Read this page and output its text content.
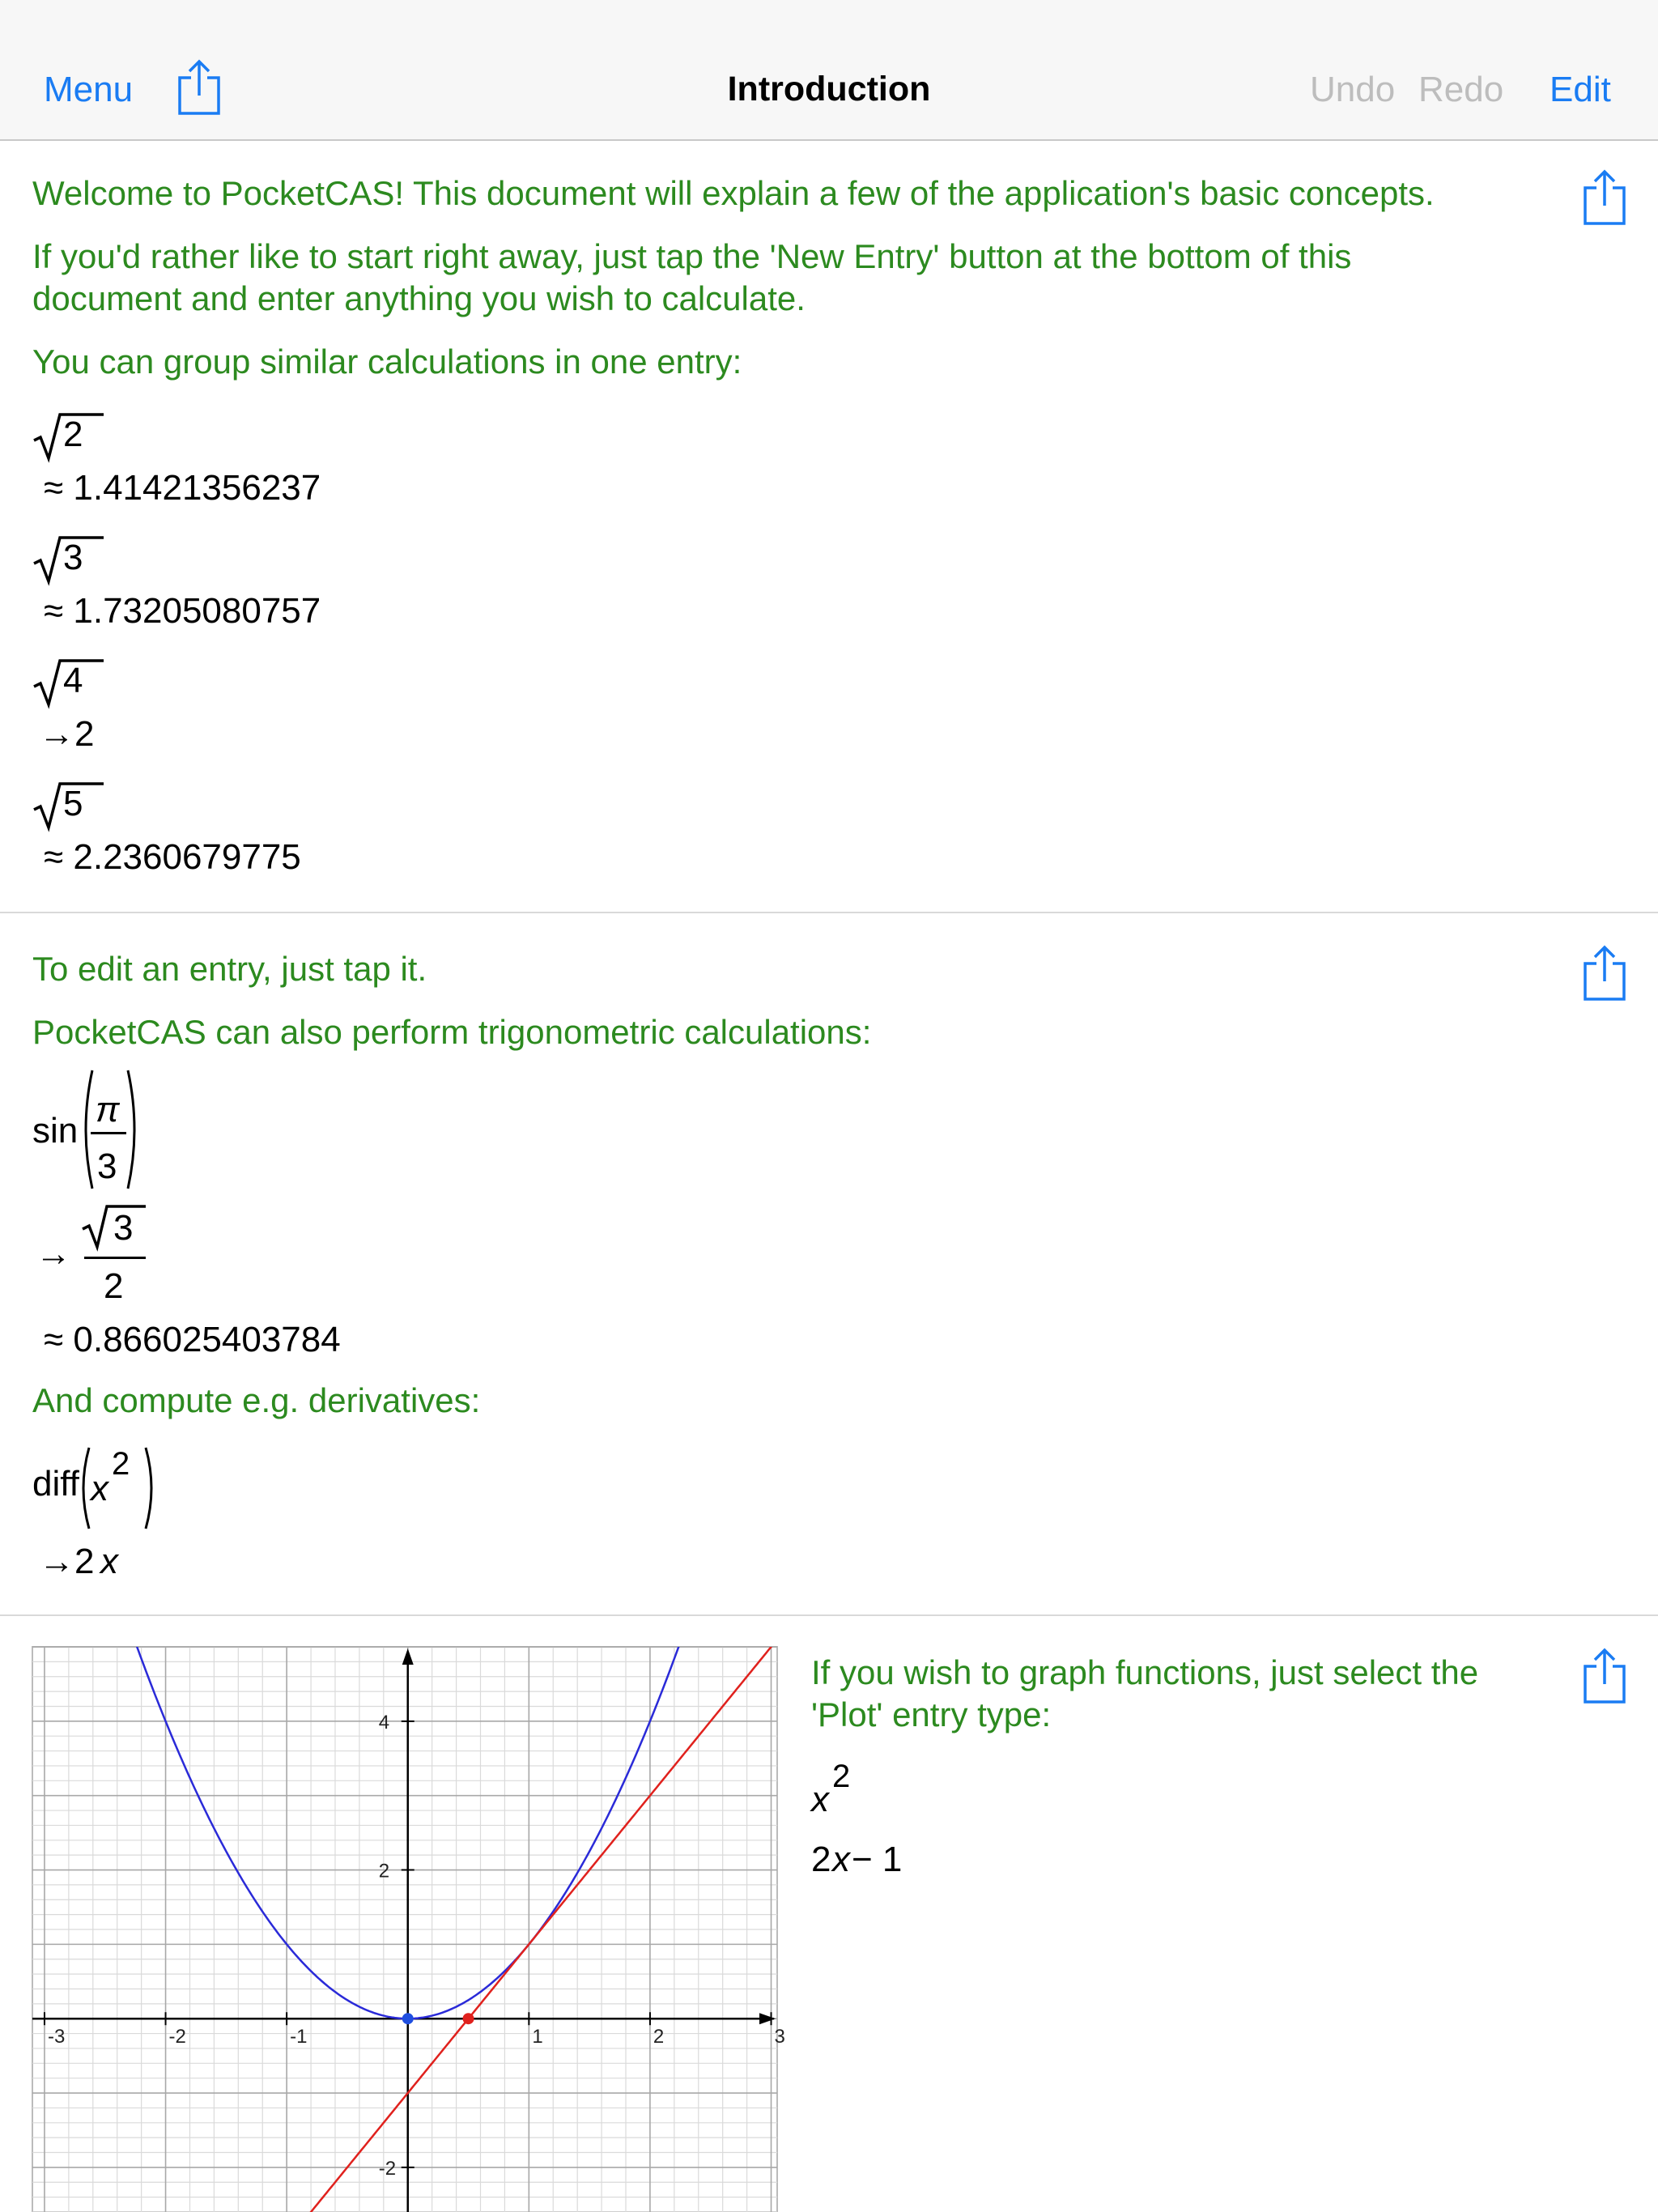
Menu	Introduction	Undo Redo Edit
Welcome to PocketCAS! This document will explain a few of the application's basic concepts.
If you'd rather like to start right away, just tap the 'New Entry' button at the bottom of this
document and enter anything you wish to calculate.
You can group similar calculations in one entry:
2
≈ 1.41421356237
3
≈ 1.73205080757
4
→2
5
≈ 2.2360679775
To edit an entry, just tap it.
PocketCAS can also perform trigonometric calculations:
sin
π
3
→
3
2
≈ 0.866025403784
And compute e.g. derivatives:
diff x
2
→2 x
-3	-2	-1	1	2	3
4
2
-2
If you wish to graph functions, just select the
'Plot' entry type:
x
2
2 x − 1
